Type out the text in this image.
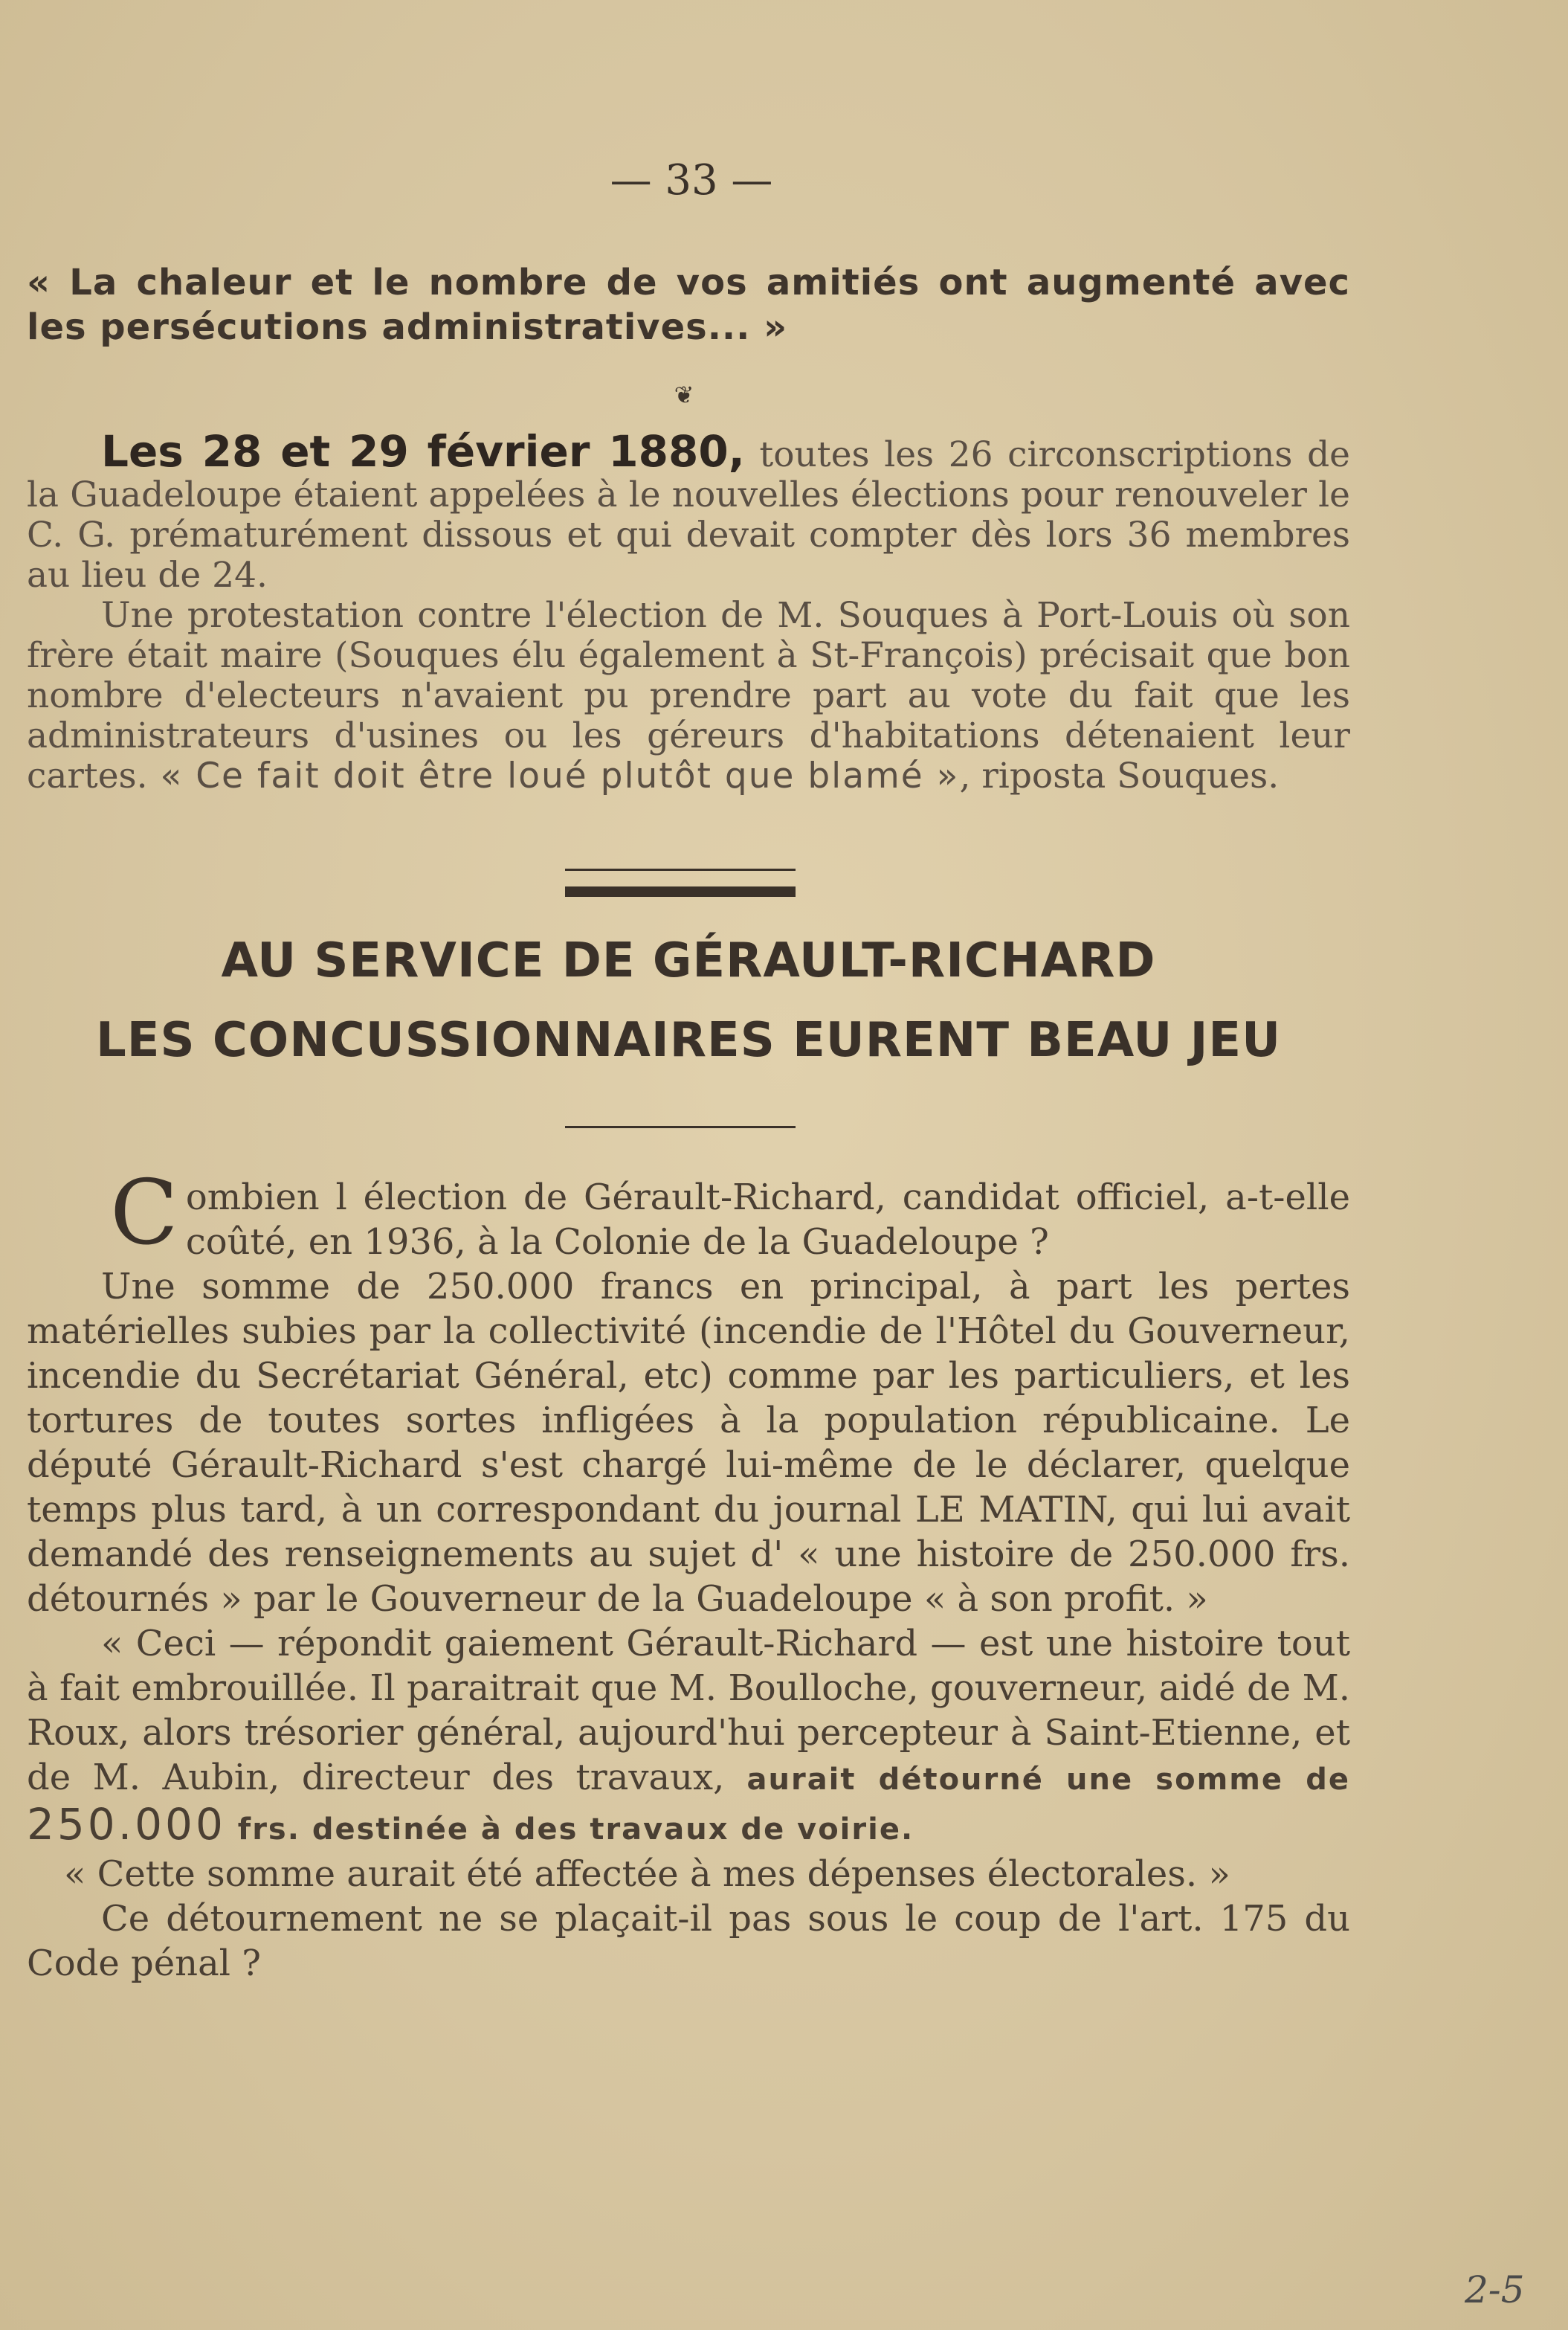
— 33 —
« La chaleur et le nombre de vos amitiés ont augmenté avec les persécutions administratives... »
❦

Les 28 et 29 février 1880, toutes les 26 circonscriptions de la Guadeloupe étaient appelées à le nouvelles élections pour renouveler le C. G. prématurément dissous et qui devait compter dès lors 36 membres au lieu de 24.

Une protestation contre l'élection de M. Souques à Port-Louis où son frère était maire (Souques élu également à St-François) précisait que bon nombre d'electeurs n'avaient pu prendre part au vote du fait que les administrateurs d'usines ou les géreurs d'habitations détenaient leur cartes. « Ce fait doit être loué plutôt que blamé », riposta Souques.

AU SERVICE DE GÉRAULT-RICHARD
LES CONCUSSIONNAIRES EURENT BEAU JEU

Combien l élection de Gérault-Richard, candidat officiel, a-t-elle coûté, en 1936, à la Colonie de la Guadeloupe ?

Une somme de 250.000 francs en principal, à part les pertes matérielles subies par la collectivité (incendie de l'Hôtel du Gouverneur, incendie du Secrétariat Général, etc) comme par les particuliers, et les tortures de toutes sortes infligées à la population républicaine. Le député Gérault-Richard s'est chargé lui-même de le déclarer, quelque temps plus tard, à un correspondant du journal LE MATIN, qui lui avait demandé des renseignements au sujet d' « une histoire de 250.000 frs. détournés » par le Gouverneur de la Guadeloupe « à son profit. »

« Ceci — répondit gaiement Gérault-Richard — est une histoire tout à fait embrouillée. Il paraitrait que M. Boulloche, gouverneur, aidé de M. Roux, alors trésorier général, aujourd'hui percepteur à Saint-Etienne, et de M. Aubin, directeur des travaux, aurait détourné une somme de 250.000 frs. destinée à des travaux de voirie.

« Cette somme aurait été affectée à mes dépenses électorales. »

Ce détournement ne se plaçait-il pas sous le coup de l'art. 175 du Code pénal ?

2-5
